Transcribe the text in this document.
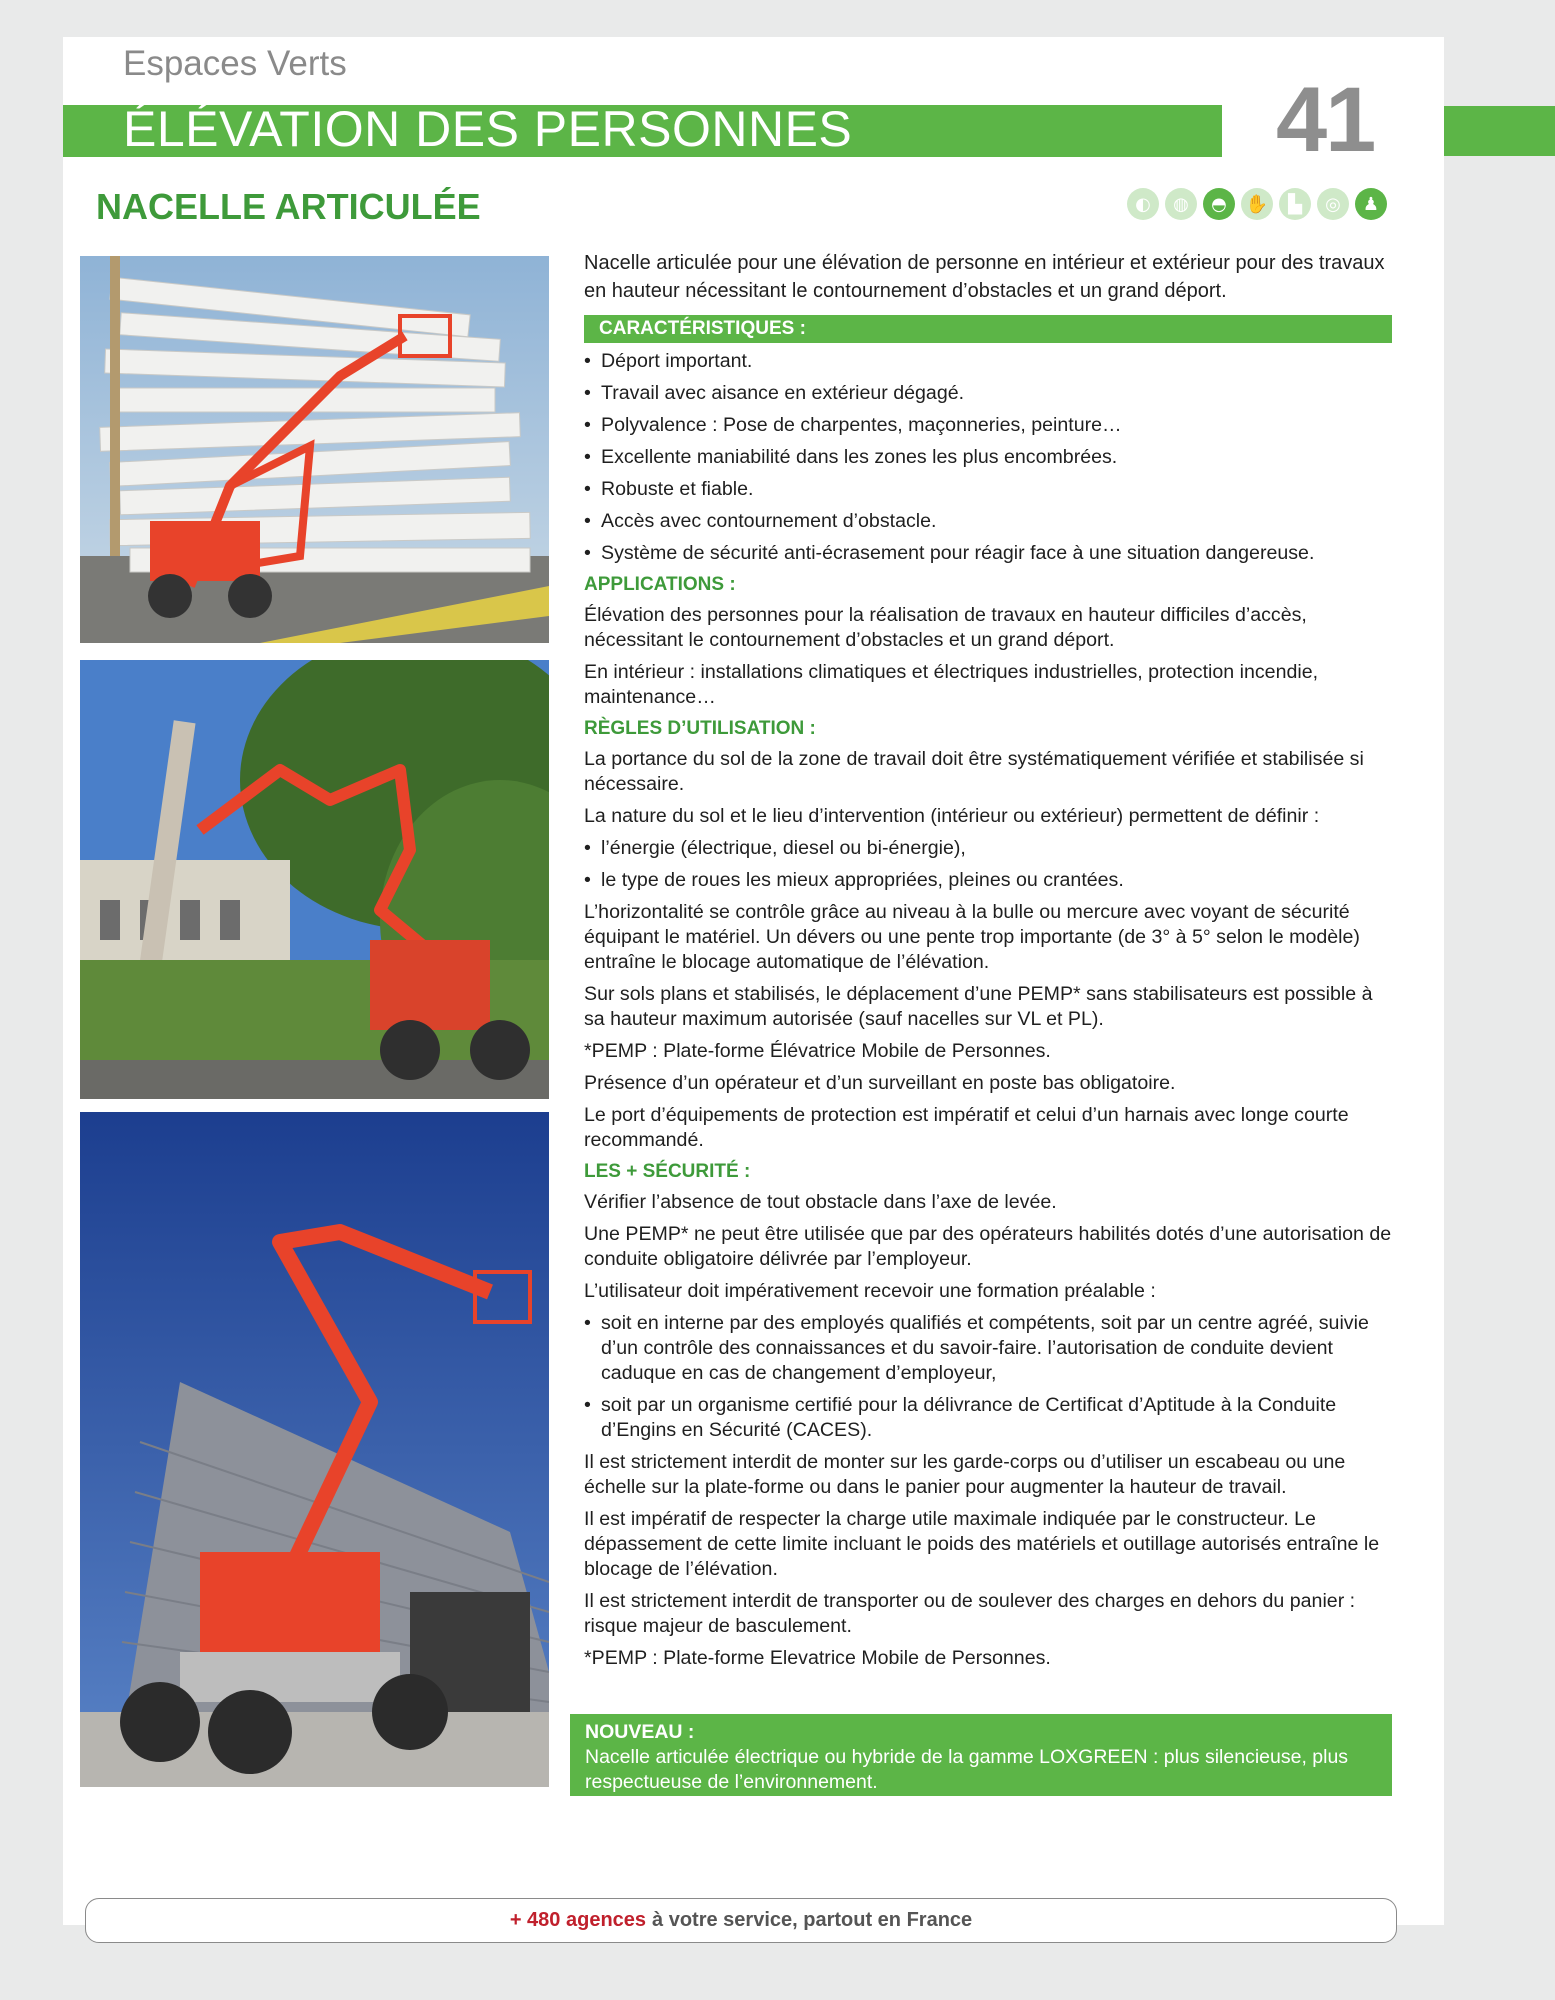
Espaces Verts
ÉLÉVATION DES PERSONNES	41
NACELLE ARTICULÉE	◐	◍	◓	✋	▙	◎	♟

Nacelle articulée pour une élévation de personne en intérieur et extérieur pour des travaux en hauteur nécessitant le contournement d’obstacles et un grand déport.

CARACTÉRISTIQUES :
• Déport important.
• Travail avec aisance en extérieur dégagé.
• Polyvalence : Pose de charpentes, maçonneries, peinture…
• Excellente maniabilité dans les zones les plus encombrées.
• Robuste et fiable.
• Accès avec contournement d’obstacle.
• Système de sécurité anti-écrasement pour réagir face à une situation dangereuse.
APPLICATIONS :

Élévation des personnes pour la réalisation de travaux en hauteur difficiles d’accès, nécessitant le contournement d’obstacles et un grand déport.

En intérieur : installations climatiques et électriques industrielles, protection incendie, maintenance…

RÈGLES D’UTILISATION :

La portance du sol de la zone de travail doit être systématiquement vérifiée et stabilisée si nécessaire.

La nature du sol et le lieu d’intervention (intérieur ou extérieur) permettent de définir :

• l’énergie (électrique, diesel ou bi-énergie),
• le type de roues les mieux appropriées, pleines ou crantées.

L’horizontalité se contrôle grâce au niveau à la bulle ou mercure avec voyant de sécurité équipant le matériel. Un dévers ou une pente trop importante (de 3° à 5° selon le modèle) entraîne le blocage automatique de l’élévation.

Sur sols plans et stabilisés, le déplacement d’une PEMP* sans stabilisateurs est possible à sa hauteur maximum autorisée (sauf nacelles sur VL et PL).

*PEMP : Plate-forme Élévatrice Mobile de Personnes.

Présence d’un opérateur et d’un surveillant en poste bas obligatoire.

Le port d’équipements de protection est impératif et celui d’un harnais avec longe courte recommandé.

LES + SÉCURITÉ :

Vérifier l’absence de tout obstacle dans l’axe de levée.

Une PEMP* ne peut être utilisée que par des opérateurs habilités dotés d’une autorisation de conduite obligatoire délivrée par l’employeur.

L’utilisateur doit impérativement recevoir une formation préalable :

• soit en interne par des employés qualifiés et compétents, soit par un centre agréé, suivie d’un contrôle des connaissances et du savoir-faire. l’autorisation de conduite devient caduque en cas de changement d’employeur,
• soit par un organisme certifié pour la délivrance de Certificat d’Aptitude à la Conduite d’Engins en Sécurité (CACES).

Il est strictement interdit de monter sur les garde-corps ou d’utiliser un escabeau ou une échelle sur la plate-forme ou dans le panier pour augmenter la hauteur de travail.

Il est impératif de respecter la charge utile maximale indiquée par le constructeur. Le dépassement de cette limite incluant le poids des matériels et outillage autorisés entraîne le blocage de l’élévation.

Il est strictement interdit de transporter ou de soulever des charges en dehors du panier : risque majeur de basculement.

*PEMP : Plate-forme Elevatrice Mobile de Personnes.

NOUVEAU :
Nacelle articulée électrique ou hybride de la gamme LOXGREEN : plus silencieuse, plus respectueuse de l’environnement.
+ 480 agences à votre service, partout en France
